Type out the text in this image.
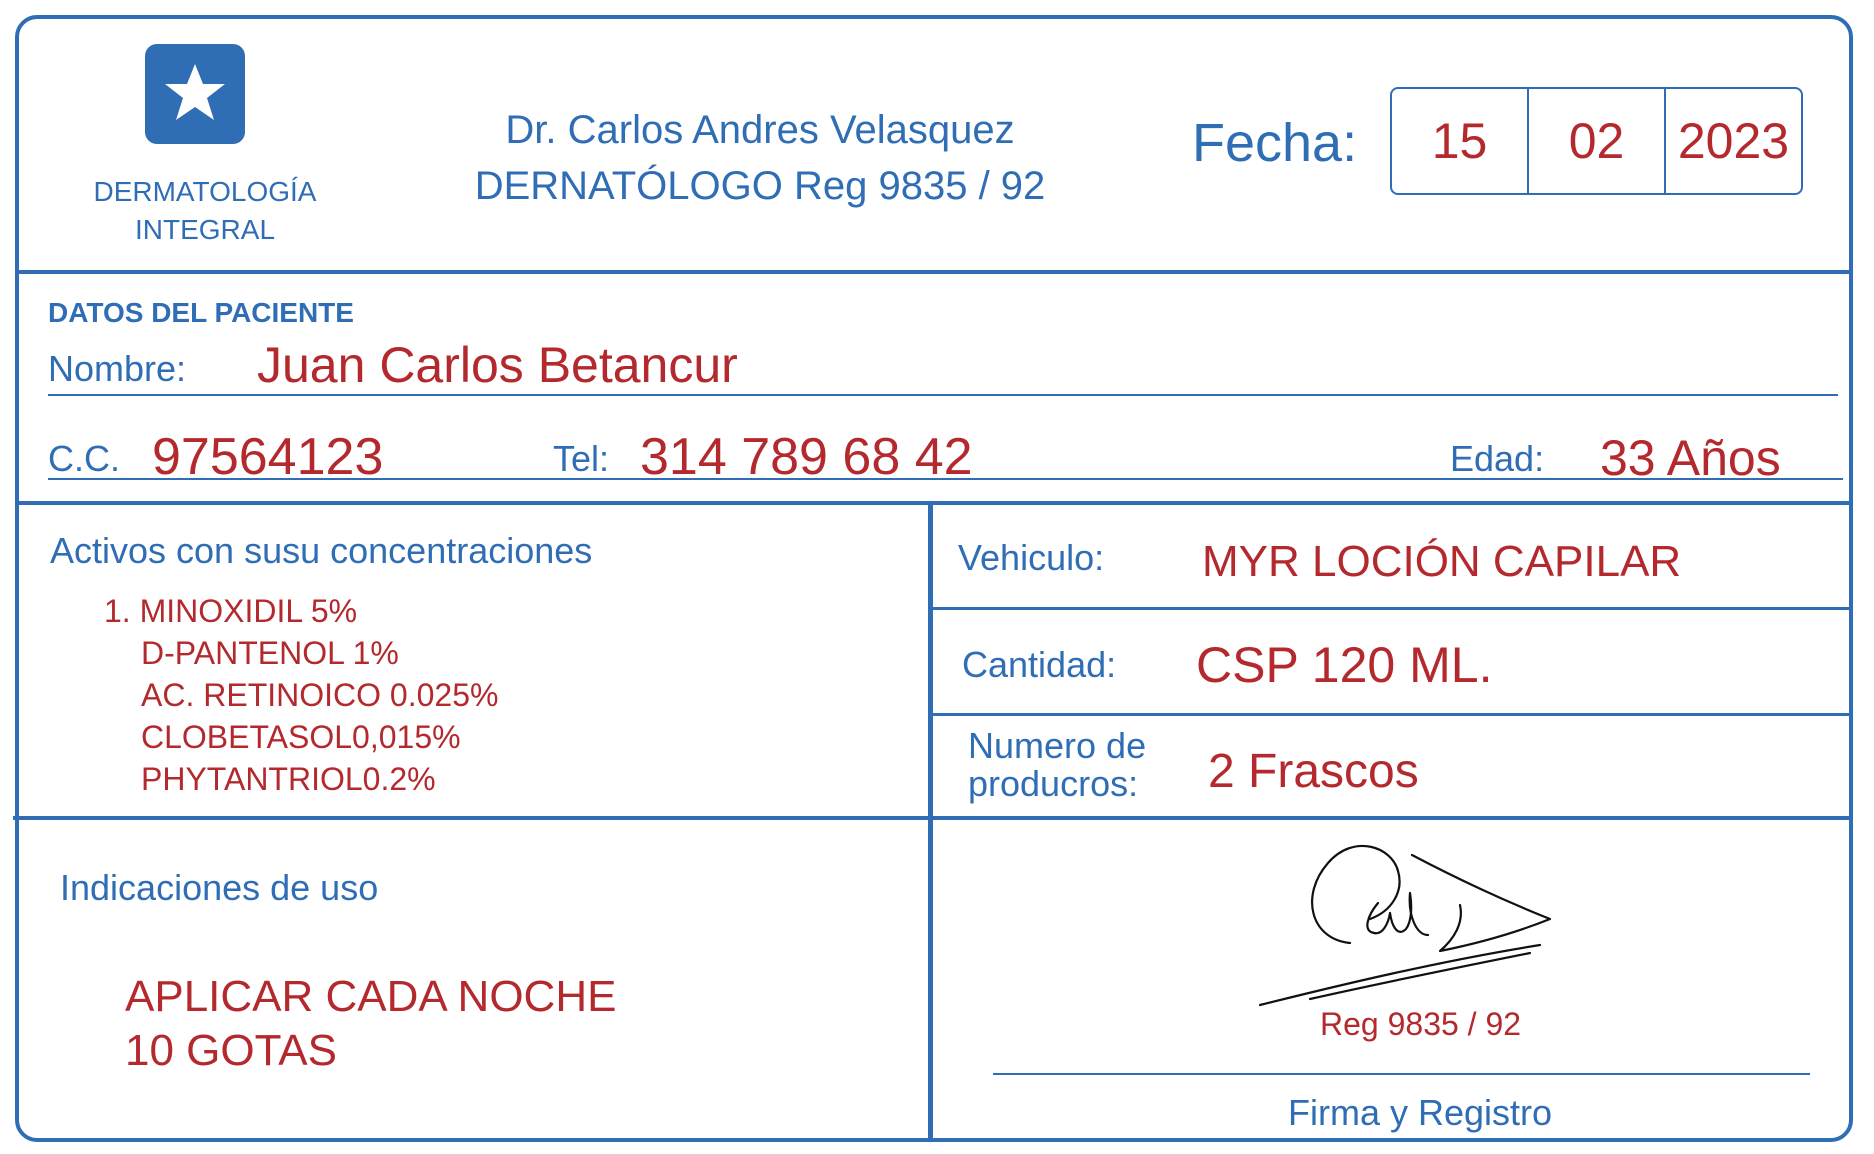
DERMATOLOGÍA
INTEGRAL
Dr. Carlos Andres Velasquez
DERNATÓLOGO Reg 9835 / 92
Fecha:	15	02	2023
DATOS DEL PACIENTE
Nombre: Juan Carlos Betancur
C.C. 97564123	Tel: 314 789 68 42	Edad: 33 Años
Activos con susu concentraciones
1. MINOXIDIL 5%
D-PANTENOL 1%
AC. RETINOICO 0.025%
CLOBETASOL0,015%
PHYTANTRIOL0.2%
Vehiculo: MYR LOCIÓN CAPILAR
Cantidad: CSP 120 ML.
Numero de
producros: 2 Frascos
Indicaciones de uso
APLICAR CADA NOCHE
10 GOTAS
Reg 9835 / 92
Firma y Registro
